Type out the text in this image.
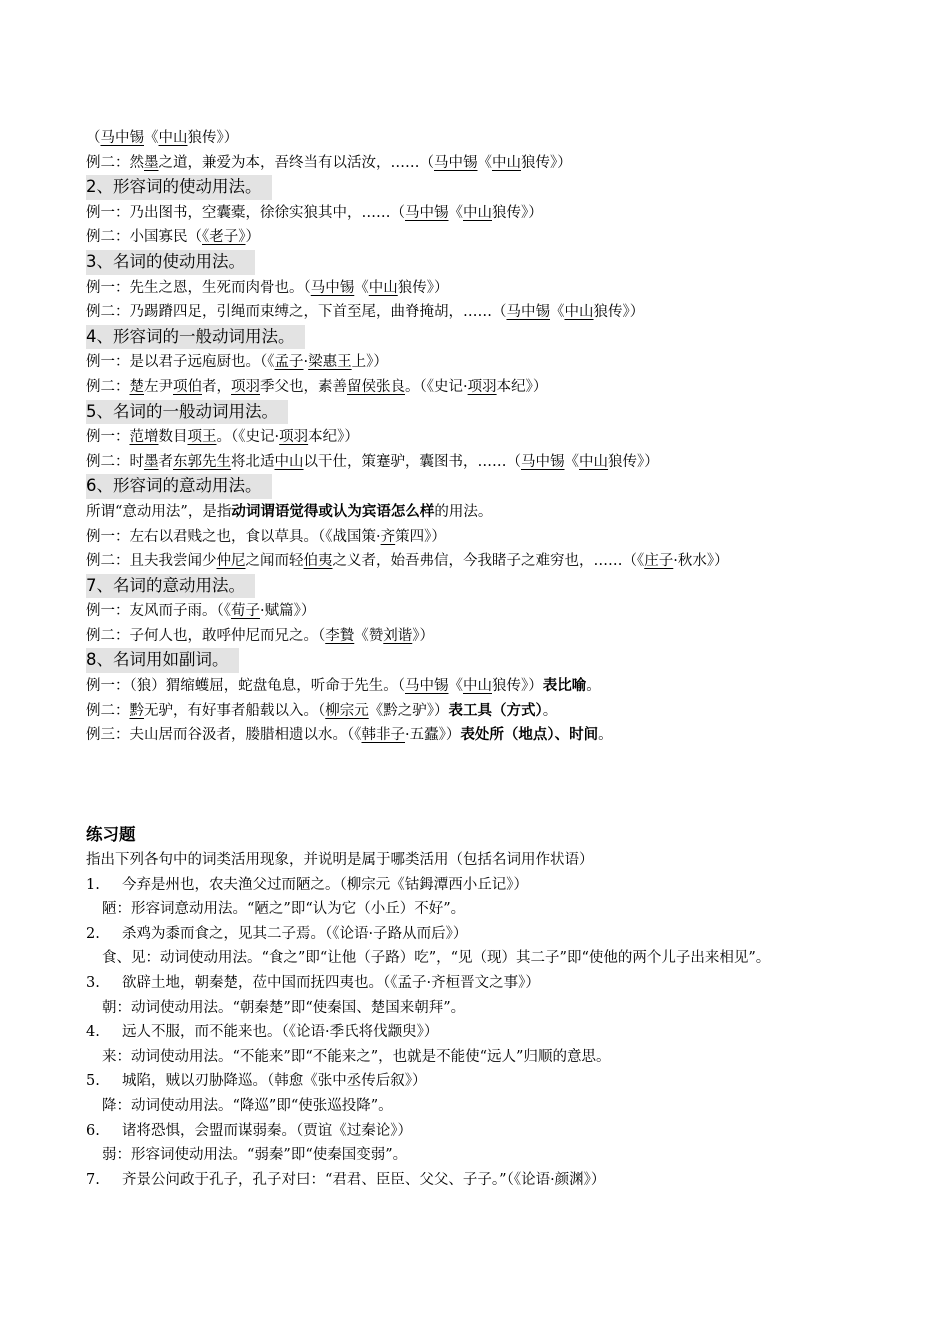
（马中锡《中山狼传》）
例二：然墨之道，兼爱为本，吾终当有以活汝，……（马中锡《中山狼传》）
2、形容词的使动用法。
例一：乃出图书，空囊橐，徐徐实狼其中，……（马中锡《中山狼传》）
例二：小国寡民（《老子》）
3、名词的使动用法。
例一：先生之恩，生死而肉骨也。（马中锡《中山狼传》）
例二：乃踢蹐四足，引绳而束缚之，下首至尾，曲脊掩胡，……（马中锡《中山狼传》）
4、形容词的一般动词用法。
例一：是以君子远庖厨也。（《孟子·梁惠王上》）
例二：楚左尹项伯者，项羽季父也，素善留侯张良。（《史记·项羽本纪》）
5、名词的一般动词用法。
例一：范增数目项王。（《史记·项羽本纪》）
例二：时墨者东郭先生将北适中山以干仕，策蹇驴，囊图书，……（马中锡《中山狼传》）
6、形容词的意动用法。
所谓“意动用法”，是指动词谓语觉得或认为宾语怎么样的用法。
例一：左右以君贱之也，食以草具。（《战国策·齐策四》）
例二：且夫我尝闻少仲尼之闻而轻伯夷之义者，始吾弗信，今我睹子之难穷也，……（《庄子·秋水》）
7、名词的意动用法。
例一：友风而子雨。（《荀子·赋篇》）
例二：子何人也，敢呼仲尼而兄之。（李贄《赞刘谐》）
8、名词用如副词。
例一：（狼）猬缩蠖屈，蛇盘龟息，听命于先生。（马中锡《中山狼传》）表比喻。
例二：黔无驴，有好事者船载以入。（柳宗元《黔之驴》）表工具（方式）。
例三：夫山居而谷汲者，媵腊相遗以水。（《韩非子·五蠹》）表处所（地点）、时间。
练习题
指出下列各句中的词类活用现象，并说明是属于哪类活用（包括名词用作状语）
1. 今弃是州也，农夫渔父过而陋之。（柳宗元《钴鉧潭西小丘记》）
陋：形容词意动用法。“陋之”即“认为它（小丘）不好”。
2. 杀鸡为黍而食之，见其二子焉。（《论语·子路从而后》）
食、见：动词使动用法。“食之”即“让他（子路）吃”，“见（现）其二子”即“使他的两个儿子出来相见”。
3. 欲辟土地，朝秦楚，莅中国而抚四夷也。（《孟子·齐桓晋文之事》）
朝：动词使动用法。“朝秦楚”即“使秦国、楚国来朝拜”。
4. 远人不服，而不能来也。（《论语·季氏将伐颛臾》）
来：动词使动用法。“不能来”即“不能来之”，也就是不能使“远人”归顺的意思。
5. 城陷，贼以刃胁降巡。（韩愈《张中丞传后叙》）
降：动词使动用法。“降巡”即“使张巡投降”。
6. 诸将恐惧，会盟而谋弱秦。（贾谊《过秦论》）
弱：形容词使动用法。“弱秦”即“使秦国变弱”。
7. 齐景公问政于孔子，孔子对曰：“君君、臣臣、父父、子子。”（《论语·颜渊》）
